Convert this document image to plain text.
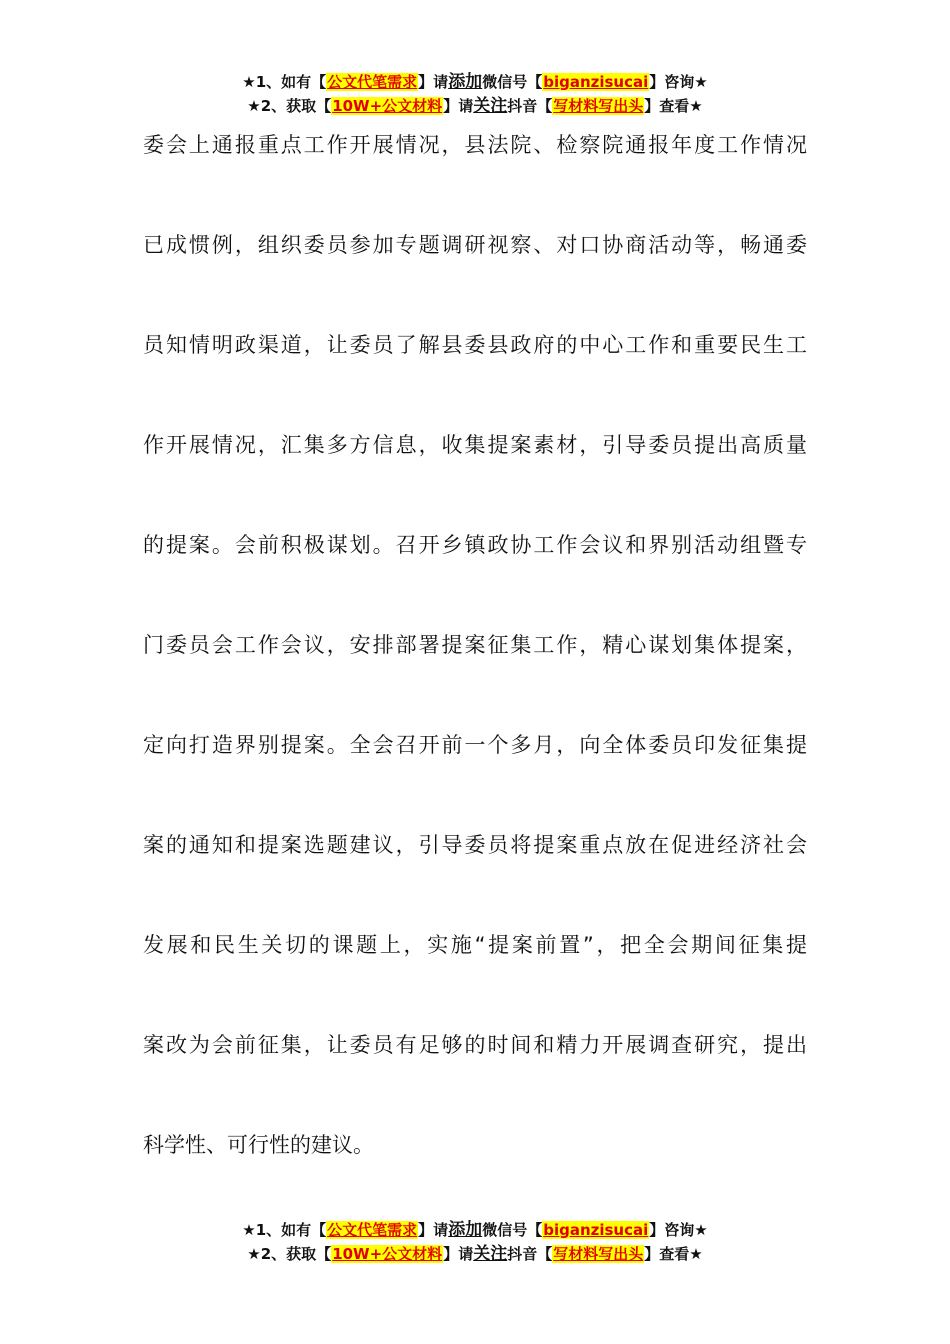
★1、如有【公文代笔需求】请添加微信号【biganzisucai】咨询★
★2、获取【10W+公文材料】请关注抖音【写材料写出头】查看★
委会上通报重点工作开展情况，县法院、检察院通报年度工作情况
已成惯例，组织委员参加专题调研视察、对口协商活动等，畅通委
员知情明政渠道，让委员了解县委县政府的中心工作和重要民生工
作开展情况，汇集多方信息，收集提案素材，引导委员提出高质量
的提案。会前积极谋划。召开乡镇政协工作会议和界别活动组暨专
门委员会工作会议，安排部署提案征集工作，精心谋划集体提案，
定向打造界别提案。全会召开前一个多月，向全体委员印发征集提
案的通知和提案选题建议，引导委员将提案重点放在促进经济社会
发展和民生关切的课题上，实施“提案前置”，把全会期间征集提
案改为会前征集，让委员有足够的时间和精力开展调查研究，提出
科学性、可行性的建议。
★1、如有【公文代笔需求】请添加微信号【biganzisucai】咨询★
★2、获取【10W+公文材料】请关注抖音【写材料写出头】查看★
